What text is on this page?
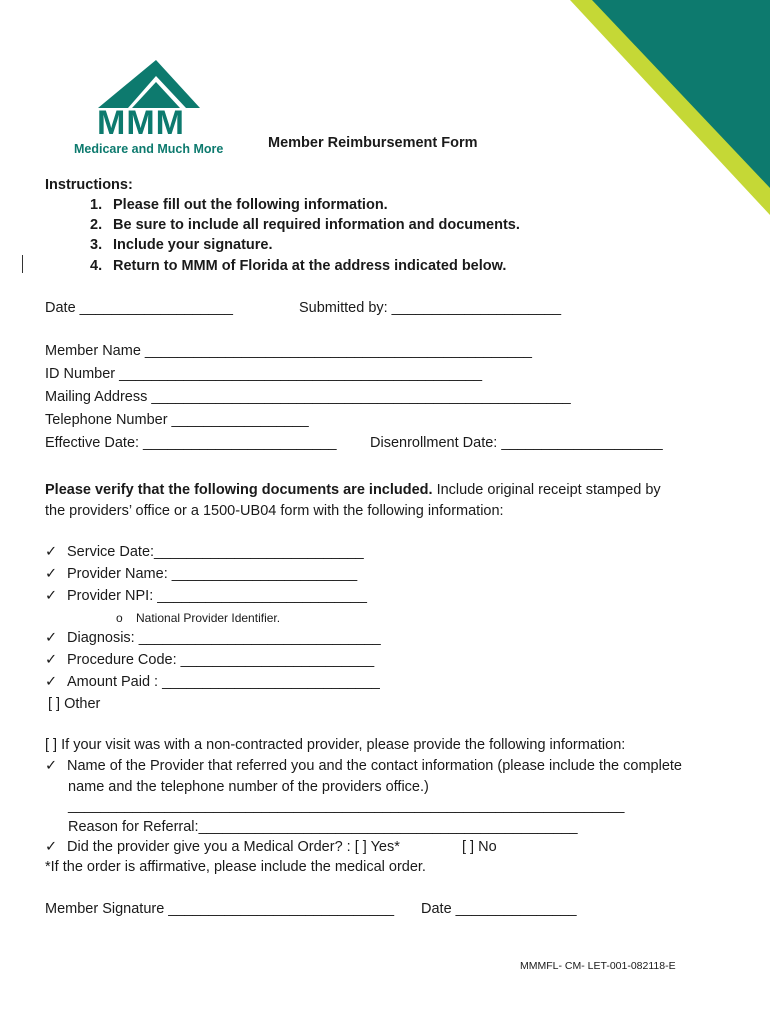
MMM
Medicare and Much More	Member Reimbursement Form
Instructions:
1. Please fill out the following information.
2. Be sure to include all required information and documents.
3. Include your signature.
4. Return to MMM of Florida at the address indicated below.
Date ___________________	Submitted by: _____________________
Member Name ________________________________________________
ID Number _____________________________________________
Mailing Address ____________________________________________________
Telephone Number _________________
Effective Date: ________________________ Disenrollment Date: ____________________
Please verify that the following documents are included. Include original receipt stamped by
the providers’ office or a 1500-UB04 form with the following information:
✓ Service Date:__________________________
✓ Provider Name: _______________________
✓ Provider NPI: __________________________
o National Provider Identifier.
✓ Diagnosis: ______________________________
✓ Procedure Code: ________________________
✓ Amount Paid : ___________________________
[ ] Other
[ ] If your visit was with a non-contracted provider, please provide the following information:
✓ Name of the Provider that referred you and the contact information (please include the complete
name and the telephone number of the providers office.)
_____________________________________________________________________
Reason for Referral:_______________________________________________
✓ Did the provider give you a Medical Order? : [ ] Yes*	[ ] No
*If the order is affirmative, please include the medical order.
Member Signature ____________________________ Date _______________
MMMFL- CM- LET-001-082118-E
